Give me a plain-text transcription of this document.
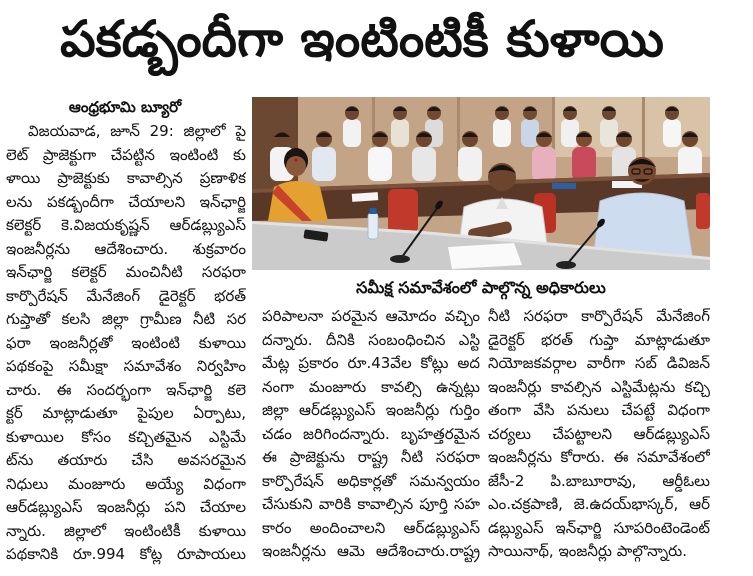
పకడ్బందీగా ఇంటింటికీ కుళాయి
ఆంధ్రభూమి బ్యూరో
విజయవాడ, జూన్ 29: జిల్లాలో పై
లెట్ ప్రాజెక్టుగా చేపట్టిన ఇంటింటి కు
ళాయి ప్రాజెక్టుకు కావాల్సిన ప్రణాళిక
లను పకడ్బందీగా చేయాలని ఇన్‌ఛార్జి
కలెక్టర్ కె.విజయకృష్ణన్ ఆర్‌డబ్ల్యుఎస్
ఇంజనీర్లను ఆదేశించారు. శుక్రవారం
ఇన్‌ఛార్జి కలెక్టర్ మంచినీటి సరఫరా
కార్పొరేషన్ మేనేజింగ్ డైరెక్టర్ భరత్
గుప్తాతో కలసి జిల్లా గ్రామీణ నీటి సర
ఫరా ఇంజనీర్లతో ఇంటింటి కుళాయి
పథకంపై సమీక్షా సమావేశం నిర్వహిం
చారు. ఈ సందర్భంగా ఇన్‌ఛార్జి కలె
క్టర్ మాట్లాడుతూ పైపుల ఏర్పాటు,
కుళాయిల కోసం కచ్చితమైన ఎస్టిమే
ట్‌ను తయారు చేసి అవసరమైన
నిధులు మంజూరు అయ్యే విధంగా
ఆర్‌డబ్ల్యుఎస్ ఇంజనీర్లు పని చేయాల
న్నారు. జిల్లాలో ఇంటింటికీ కుళాయి
పథకానికి రూ.994 కోట్ల రూపాయలు
సమీక్ష సమావేశంలో పాల్గొన్న అధికారులు
పరిపాలనా పరమైన ఆమోదం వచ్చిం
దన్నారు. దీనికి సంబంధించిన ఎస్టి
మేట్ల ప్రకారం రూ.43వేల కోట్లు అద
నంగా మంజూరు కావల్సి ఉన్నట్లు
జిల్లా ఆర్‌డబ్ల్యుఎస్ ఇంజనీర్లు గుర్తిం
చడం జరిగిందన్నారు. బృహత్తరమైన
ఈ ప్రాజెక్టును రాష్ట్ర నీటి సరఫరా
కార్పొరేషన్ అధికార్లతో సమన్వయం
చేసుకుని వారికి కావాల్సిన పూర్తి సహ
కారం అందించాలని ఆర్‌డబ్ల్యుఎస్
ఇంజనీర్లను ఆమె ఆదేశించారు.రాష్ట్ర
నీటి సరఫరా కార్పొరేషన్ మేనేజింగ్
డైరెక్టర్ భరత్ గుప్తా మాట్లాడుతూ
నియోజకవర్గాల వారీగా సబ్ డివిజన్
ఇంజనీర్లు కావల్సిన ఎస్టిమేట్లను కచ్చి
తంగా వేసి పనులు చేపట్టే విధంగా
చర్యలు చేపట్టాలని ఆర్‌డబ్ల్యుఎస్
ఇంజనీర్లను కోరారు. ఈ సమావేశంలో
జేసీ-2 పి.బాబూరావు, ఆర్డీఓలు
ఎం.చక్రపాణి, జె.ఉదయ్‌భాస్కర్, ఆర్
డబ్ల్యుఎస్ ఇన్‌ఛార్జి సూపరింటెండెంట్
సాయినాథ్, ఇంజనీర్లు పాల్గొన్నారు.
